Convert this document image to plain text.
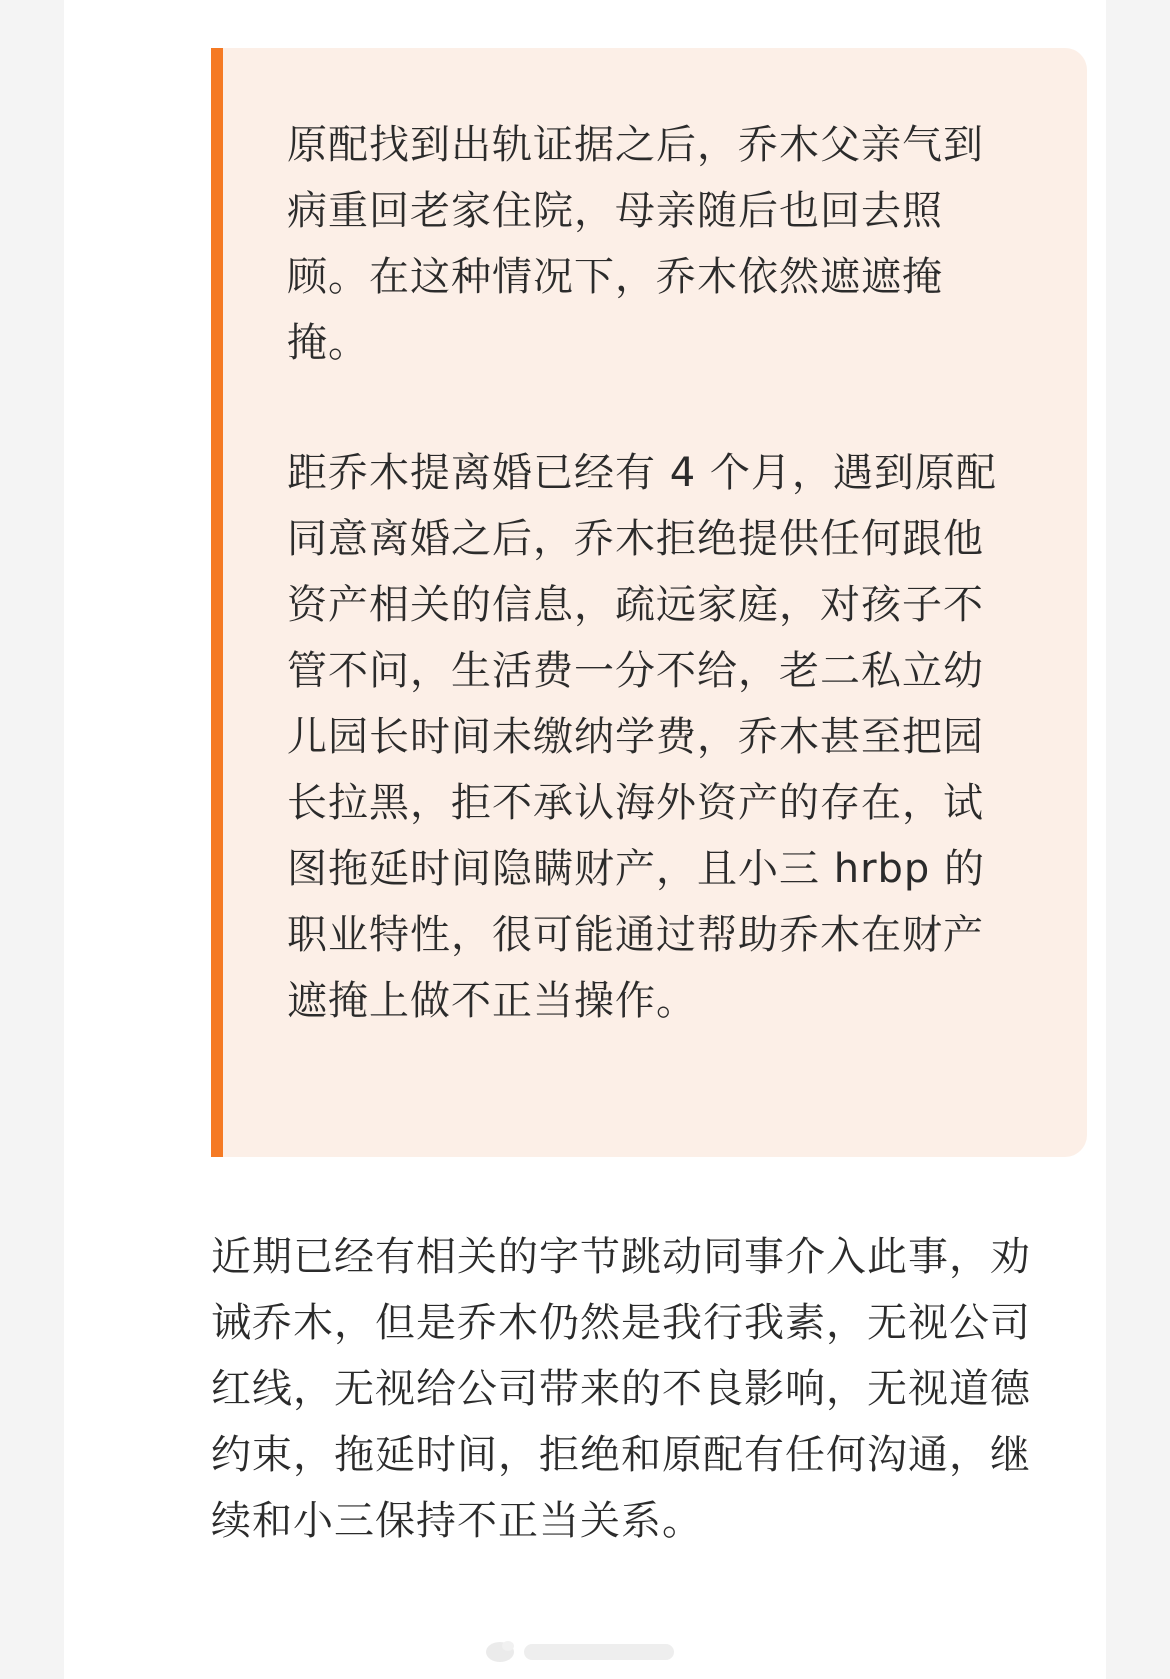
原配找到出轨证据之后，乔木父亲气到病重回老家住院，母亲随后也回去照顾。在这种情况下，乔木依然遮遮掩掩。

距乔木提离婚已经有 4 个月，遇到原配同意离婚之后，乔木拒绝提供任何跟他资产相关的信息，疏远家庭，对孩子不管不问，生活费一分不给，老二私立幼儿园长时间未缴纳学费，乔木甚至把园长拉黑，拒不承认海外资产的存在，试图拖延时间隐瞒财产，且小三 hrbp 的职业特性，很可能通过帮助乔木在财产遮掩上做不正当操作。

近期已经有相关的字节跳动同事介入此事，劝诫乔木，但是乔木仍然是我行我素，无视公司红线，无视给公司带来的不良影响，无视道德约束，拖延时间，拒绝和原配有任何沟通，继续和小三保持不正当关系。
